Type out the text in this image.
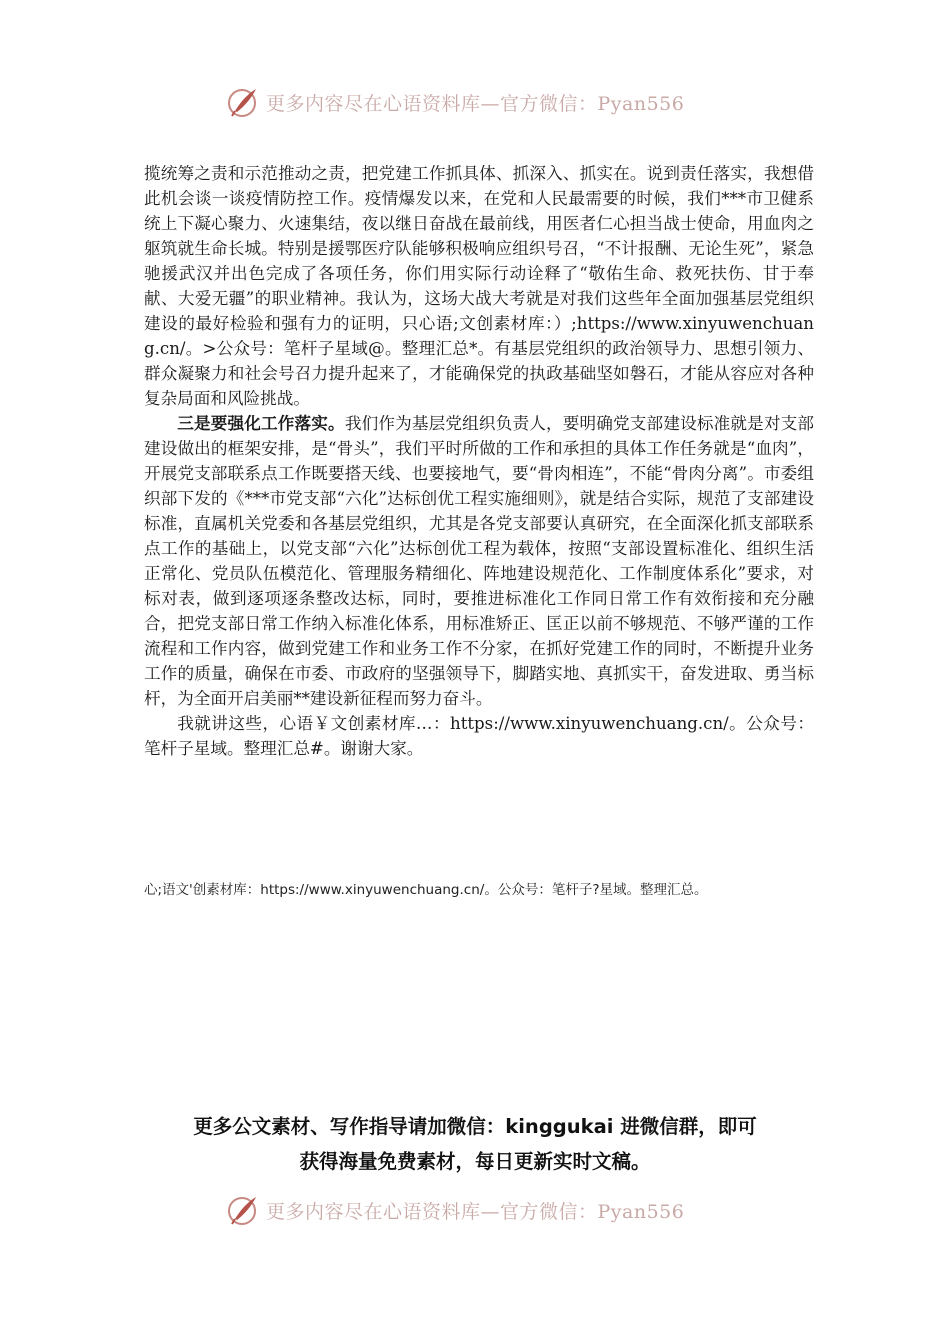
更多内容尽在心语资料库—官方微信：Pyan556

揽统筹之责和示范推动之责，把党建工作抓具体、抓深入、抓实在。说到责任落实，我想借此机会谈一谈疫情防控工作。疫情爆发以来，在党和人民最需要的时候，我们***市卫健系统上下凝心聚力、火速集结，夜以继日奋战在最前线，用医者仁心担当战士使命，用血肉之躯筑就生命长城。特别是援鄂医疗队能够积极响应组织号召，“不计报酬、无论生死”，紧急驰援武汉并出色完成了各项任务，你们用实际行动诠释了“敬佑生命、救死扶伤、甘于奉献、大爱无疆”的职业精神。我认为，这场大战大考就是对我们这些年全面加强基层党组织建设的最好检验和强有力的证明，只心语;文创素材库：）;https://www.xinyuwenchuang.cn/。>公众号：笔杆子星域@。整理汇总*。有基层党组织的政治领导力、思想引领力、群众凝聚力和社会号召力提升起来了，才能确保党的执政基础坚如磐石，才能从容应对各种复杂局面和风险挑战。

三是要强化工作落实。我们作为基层党组织负责人，要明确党支部建设标准就是对支部建设做出的框架安排，是“骨头”，我们平时所做的工作和承担的具体工作任务就是“血肉”，开展党支部联系点工作既要搭天线、也要接地气，要“骨肉相连”，不能“骨肉分离”。市委组织部下发的《***市党支部“六化”达标创优工程实施细则》，就是结合实际，规范了支部建设标准，直属机关党委和各基层党组织，尤其是各党支部要认真研究，在全面深化抓支部联系点工作的基础上，以党支部“六化”达标创优工程为载体，按照“支部设置标准化、组织生活正常化、党员队伍模范化、管理服务精细化、阵地建设规范化、工作制度体系化”要求，对标对表，做到逐项逐条整改达标，同时，要推进标准化工作同日常工作有效衔接和充分融合，把党支部日常工作纳入标准化体系，用标准矫正、匡正以前不够规范、不够严谨的工作流程和工作内容，做到党建工作和业务工作不分家，在抓好党建工作的同时，不断提升业务工作的质量，确保在市委、市政府的坚强领导下，脚踏实地、真抓实干，奋发进取、勇当标杆，为全面开启美丽**建设新征程而努力奋斗。

我就讲这些，心语￥文创素材库…：https://www.xinyuwenchuang.cn/。公众号：笔杆子星域。整理汇总#。谢谢大家。

心;语文'创素材库：https://www.xinyuwenchuang.cn/。公众号：笔杆子?星域。整理汇总。
更多公文素材、写作指导请加微信：kinggukai 进微信群，即可
获得海量免费素材，每日更新实时文稿。
更多内容尽在心语资料库—官方微信：Pyan556
